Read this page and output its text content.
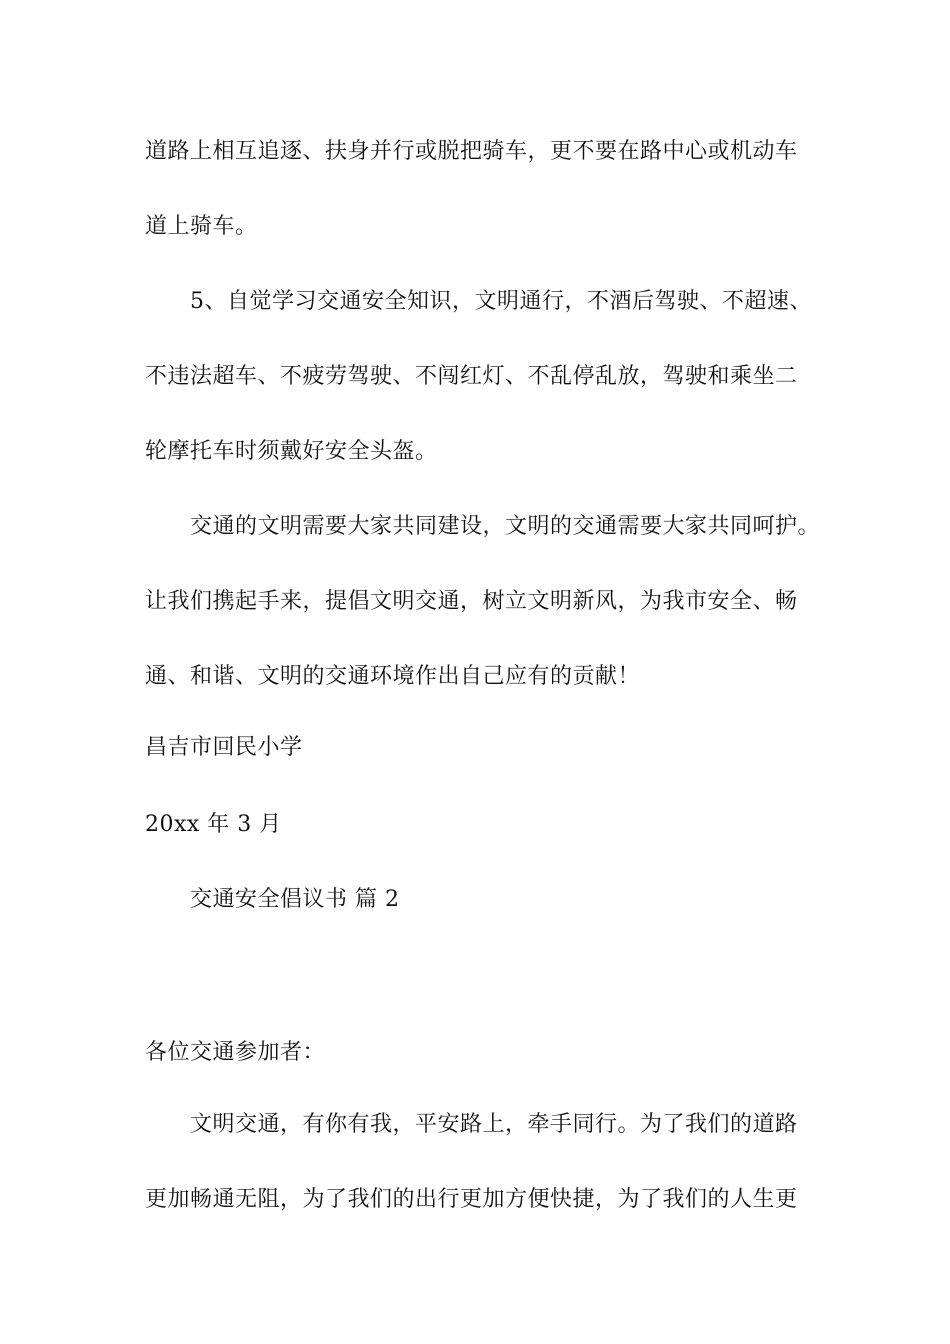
道路上相互追逐、扶身并行或脱把骑车，更不要在路中心或机动车
道上骑车。
5、自觉学习交通安全知识，文明通行，不酒后驾驶、不超速、
不违法超车、不疲劳驾驶、不闯红灯、不乱停乱放，驾驶和乘坐二
轮摩托车时须戴好安全头盔。
交通的文明需要大家共同建设，文明的交通需要大家共同呵护。
让我们携起手来，提倡文明交通，树立文明新风，为我市安全、畅
通、和谐、文明的交通环境作出自己应有的贡献！
昌吉市回民小学
20xx 年 3 月
交通安全倡议书 篇 2
各位交通参加者：
文明交通，有你有我，平安路上，牵手同行。为了我们的道路
更加畅通无阻，为了我们的出行更加方便快捷，为了我们的人生更
